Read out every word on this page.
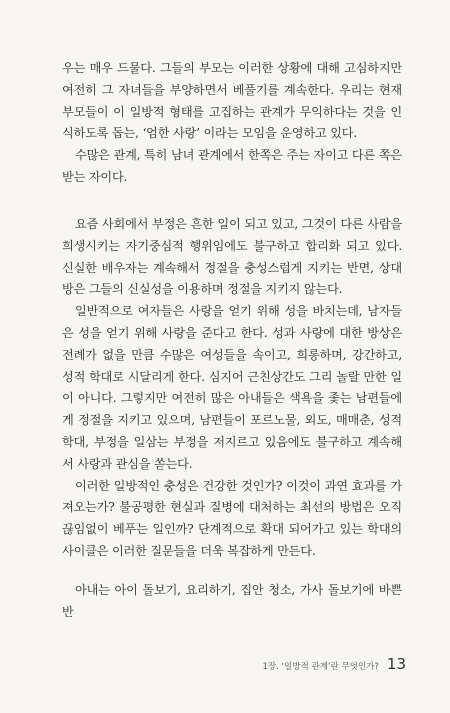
우는 매우 드물다. 그들의 부모는 이러한 상황에 대해 고심하지만 여전히 그 자녀들을 부양하면서 베풀기를 계속한다. 우리는 현재 부모들이 이 일방적 형태를 고집하는 관계가 무익하다는 것을 인식하도록 돕는, ‘엄한 사랑’ 이라는 모임을 운영하고 있다.

수많은 관계, 특히 남녀 관계에서 한쪽은 주는 자이고 다른 쪽은 받는 자이다.

요즘 사회에서 부정은 흔한 일이 되고 있고, 그것이 다른 사람을 희생시키는 자기중심적 행위임에도 불구하고 합리화 되고 있다. 신실한 배우자는 계속해서 정절을 충성스럽게 지키는 반면, 상대방은 그들의 신실성을 이용하며 정절을 지키지 않는다.

일반적으로 여자들은 사랑을 얻기 위해 성을 바치는데, 남자들은 성을 얻기 위해 사랑을 준다고 한다. 성과 사랑에 대한 방상은 전례가 없을 만큼 수많은 여성들을 속이고, 희롱하며, 강간하고, 성적 학대로 시달리게 한다. 심지어 근친상간도 그리 놀랄 만한 일이 아니다. 그렇지만 여전히 많은 아내들은 색욕을 좇는 남편들에게 정절을 지키고 있으며, 남편들이 포르노물, 외도, 매매춘, 성적 학대, 부정을 일삼는 부정을 저지르고 있음에도 불구하고 계속해서 사랑과 관심을 쏟는다.

이러한 일방적인 충성은 건강한 것인가? 이것이 과연 효과를 가져오는가? 불공평한 현실과 질병에 대처하는 최선의 방법은 오직 끊임없이 베푸는 일인까? 단계적으로 확대 되어가고 있는 학대의 사이클은 이러한 질문들을 더욱 복잡하게 만든다.

아내는 아이 돌보기, 요리하기, 집안 청소, 가사 돌보기에 바쁜 반

1장. ‘일방적 관계’란 무엇인가? 13
